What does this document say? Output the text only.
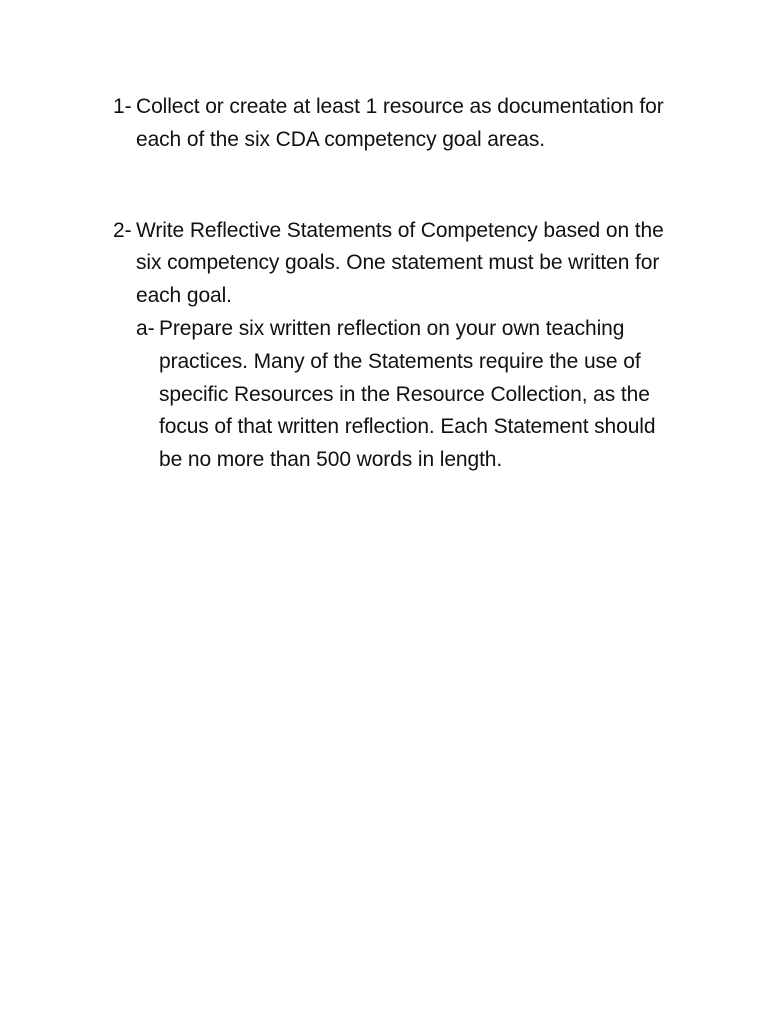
1- Collect or create at least 1 resource as documentation for each of the six CDA competency goal areas.
2- Write Reflective Statements of Competency based on the six competency goals. One statement must be written for each goal.
a- Prepare six written reflection on your own teaching practices. Many of the Statements require the use of specific Resources in the Resource Collection, as the focus of that written reflection. Each Statement should be no more than 500 words in length.
